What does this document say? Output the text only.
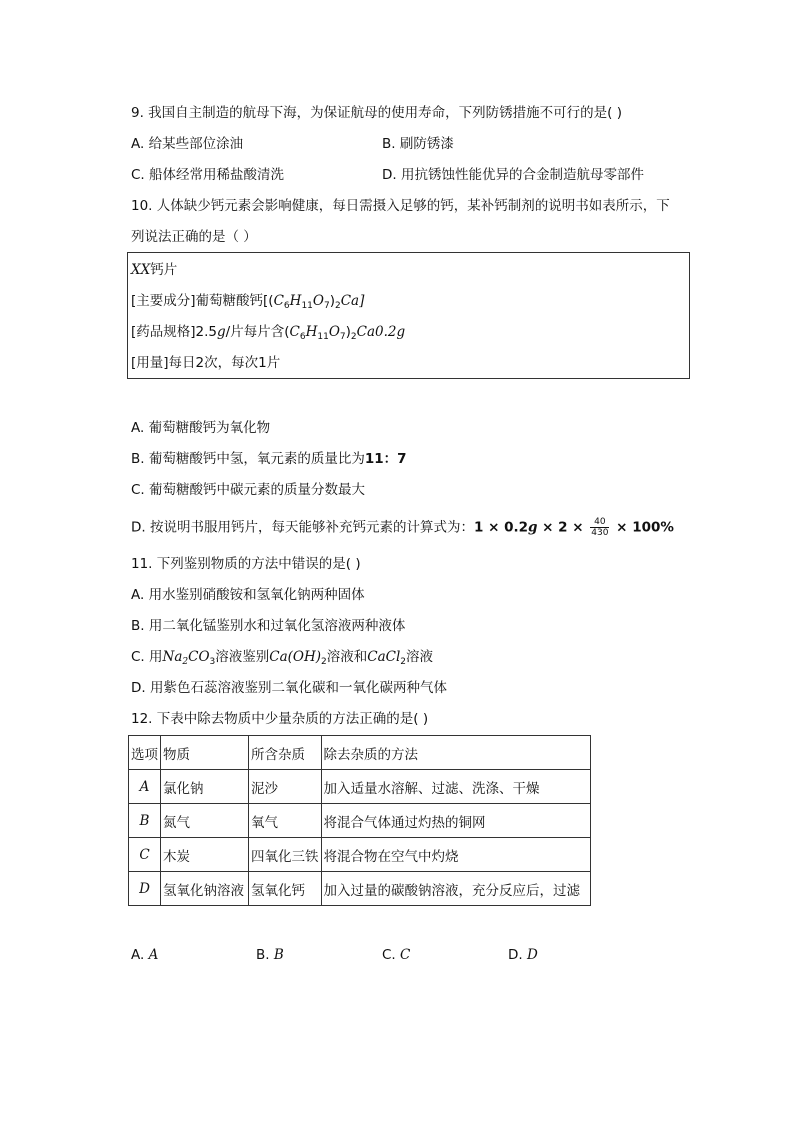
9. 我国自主制造的航母下海，为保证航母的使用寿命，下列防锈措施不可行的是( )
A. 给某些部位涂油	B. 刷防锈漆
C. 船体经常用稀盐酸清洗	D. 用抗锈蚀性能优异的合金制造航母零部件
10. 人体缺少钙元素会影响健康，每日需摄入足够的钙，某补钙制剂的说明书如表所示，下
列说法正确的是（ ）
XX钙片
[主要成分]葡萄糖酸钙$[(C_6H_{11}O_7)_2Ca]$
[药品规格]2.5g/片每片含$(C_6H_{11}O_7)_2Ca0.2g$
[用量]每日2次，每次1片
A. 葡萄糖酸钙为氧化物
B. 葡萄糖酸钙中氢，氧元素的质量比为11：7
C. 葡萄糖酸钙中碳元素的质量分数最大
D. 按说明书服用钙片，每天能够补充钙元素的计算式为：$1 \times 0.2g \times 2 \times \frac{40}{430} \times 100\%$
11. 下列鉴别物质的方法中错误的是( )
A. 用水鉴别硝酸铵和氢氧化钠两种固体
B. 用二氧化锰鉴别水和过氧化氢溶液两种液体
C. 用$Na_2CO_3$溶液鉴别$Ca(OH)_2$溶液和CaCl$_2$溶液
D. 用紫色石蕊溶液鉴别二氧化碳和一氧化碳两种气体
12. 下表中除去物质中少量杂质的方法正确的是( )
选项	物质	所含杂质	除去杂质的方法
A	氯化钠	泥沙	加入适量水溶解、过滤、洗涤、干燥
B	氮气	氧气	将混合气体通过灼热的铜网
C	木炭	四氧化三铁	将混合物在空气中灼烧
D	氢氧化钠溶液	氢氧化钙	加入过量的碳酸钠溶液，充分反应后，过滤
A. A	B. B	C. C	D. D
